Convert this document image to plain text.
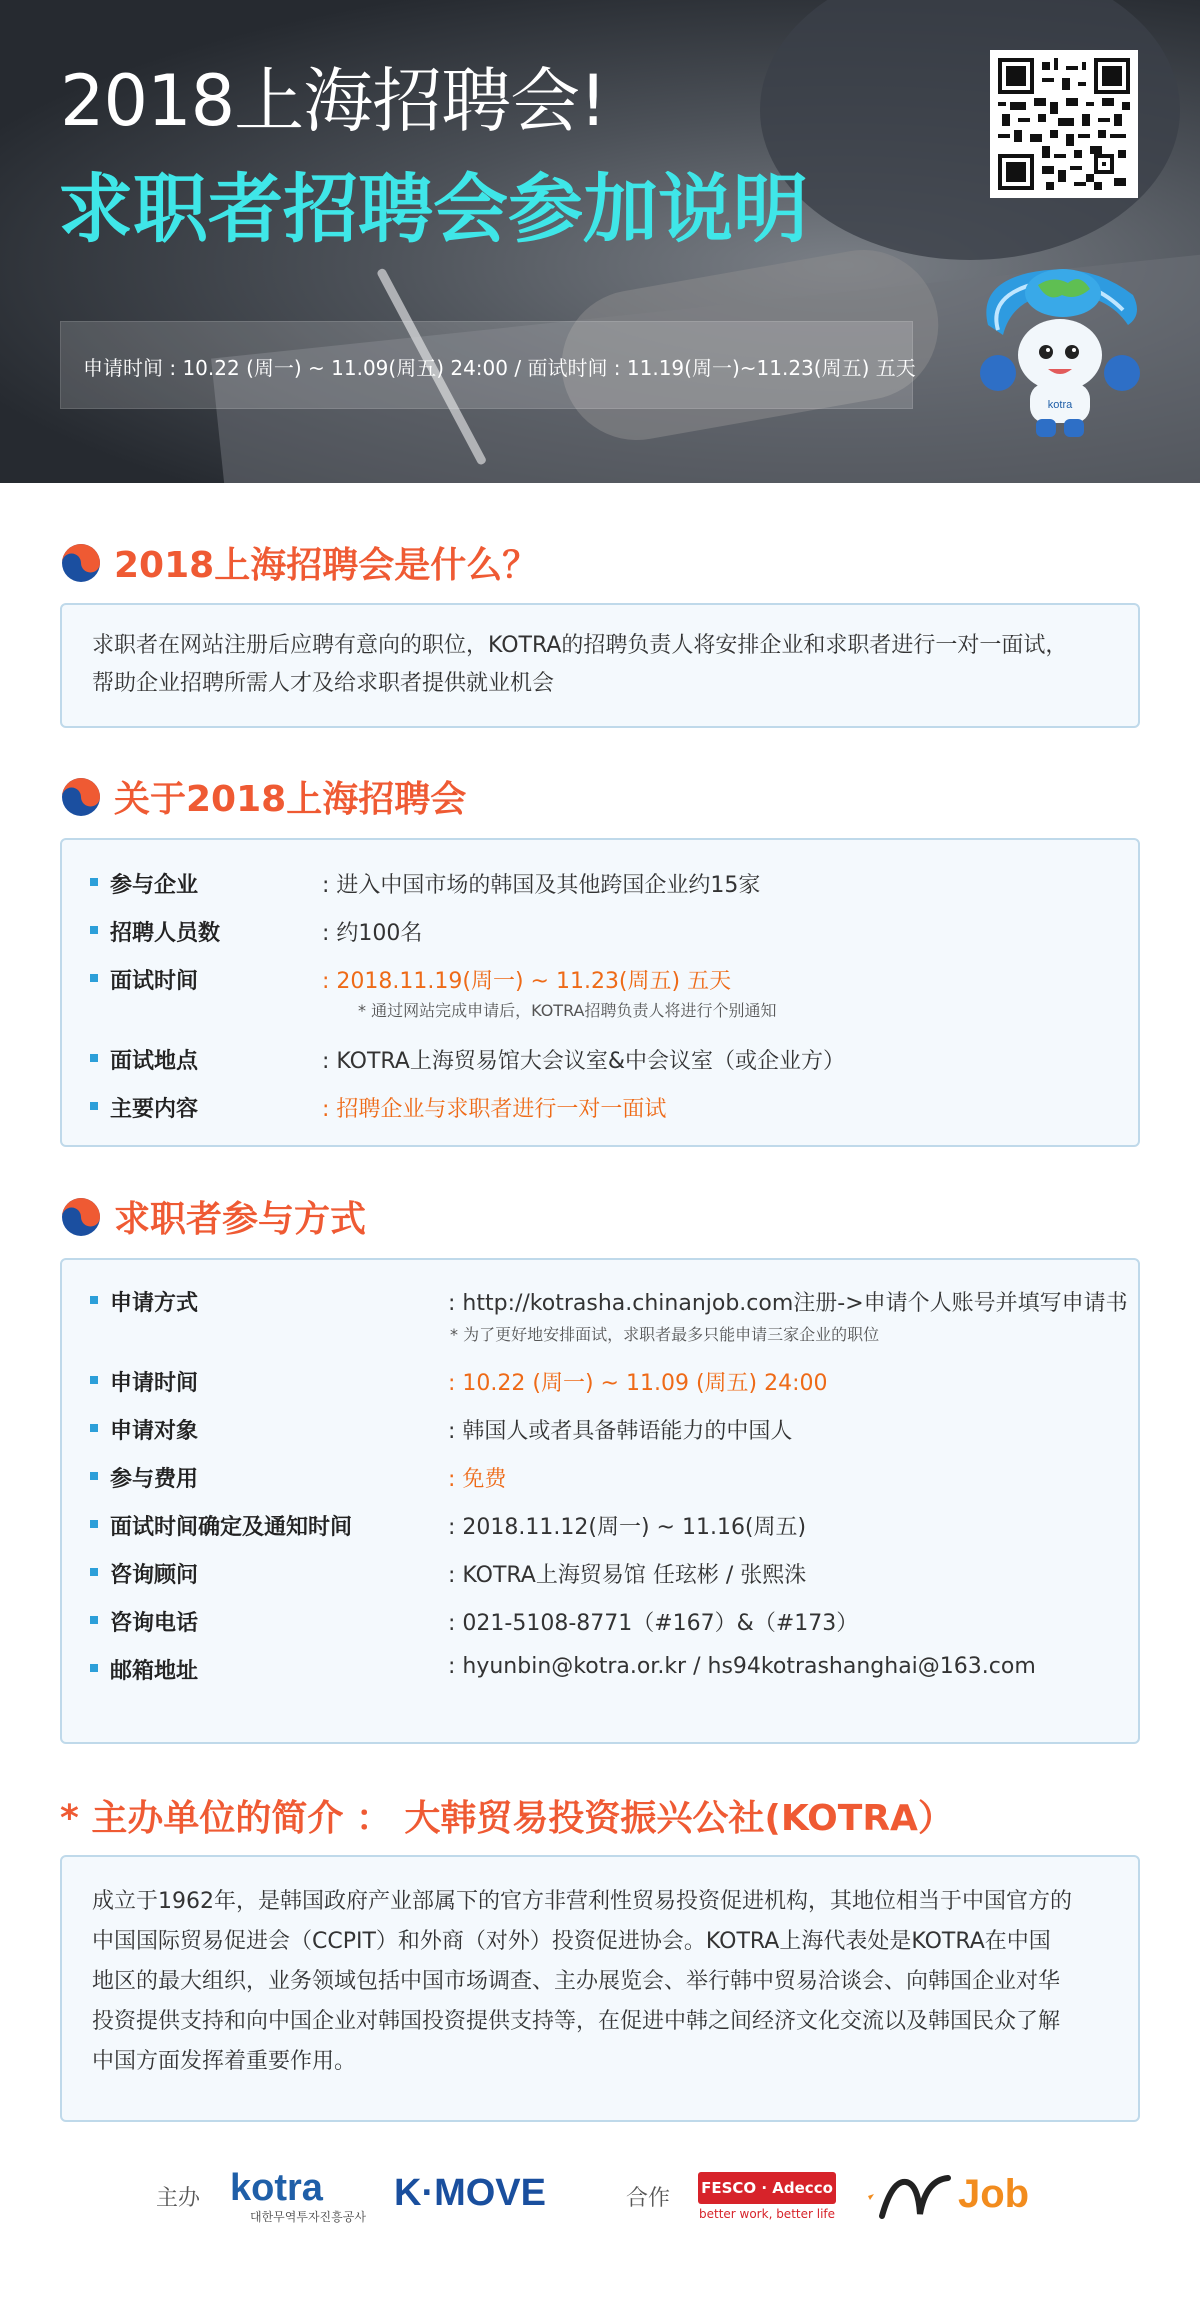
2018上海招聘会!
求职者招聘会参加说明
申请时间 : 10.22 (周一) ~ 11.09(周五) 24:00 / 面试时间 : 11.19(周一)~11.23(周五) 五天
kotra
2018上海招聘会是什么？
求职者在网站注册后应聘有意向的职位，KOTRA的招聘负责人将安排企业和求职者进行一对一面试，
帮助企业招聘所需人才及给求职者提供就业机会
关于2018上海招聘会
参与企业	: 进入中国市场的韩国及其他跨国企业约15家
招聘人员数	: 约100名
面试时间	: 2018.11.19(周一) ~ 11.23(周五) 五天
* 通过网站完成申请后，KOTRA招聘负责人将进行个别通知
面试地点	: KOTRA上海贸易馆大会议室&中会议室（或企业方）
主要内容	: 招聘企业与求职者进行一对一面试
求职者参与方式
申请方式	: http://kotrasha.chinanjob.com注册->申请个人账号并填写申请书
* 为了更好地安排面试，求职者最多只能申请三家企业的职位
申请时间	: 10.22 (周一) ~ 11.09 (周五) 24:00
申请对象	: 韩国人或者具备韩语能力的中国人
参与费用	: 免费
面试时间确定及通知时间	: 2018.11.12(周一) ~ 11.16(周五)
咨询顾问	: KOTRA上海贸易馆 任玹彬 / 张熙洙
咨询电话	: 021-5108-8771（#167）&（#173）
邮箱地址	: hyunbin@kotra.or.kr / hs94kotrashanghai@163.com
* 主办单位的简介 ： 大韩贸易投资振兴公社(KOTRA）
成立于1962年，是韩国政府产业部属下的官方非营利性贸易投资促进机构，其地位相当于中国官方的
中国国际贸易促进会（CCPIT）和外商（对外）投资促进协会。KOTRA上海代表处是KOTRA在中国
地区的最大组织，业务领域包括中国市场调查、主办展览会、举行韩中贸易洽谈会、向韩国企业对华
投资提供支持和向中国企业对韩国投资提供支持等，在促进中韩之间经济文化交流以及韩国民众了解
中国方面发挥着重要作用。
主办 kotra
대한무역투자진흥공사
K·MOVE	合作 FESCO · Adecco
better work, better life	Job
